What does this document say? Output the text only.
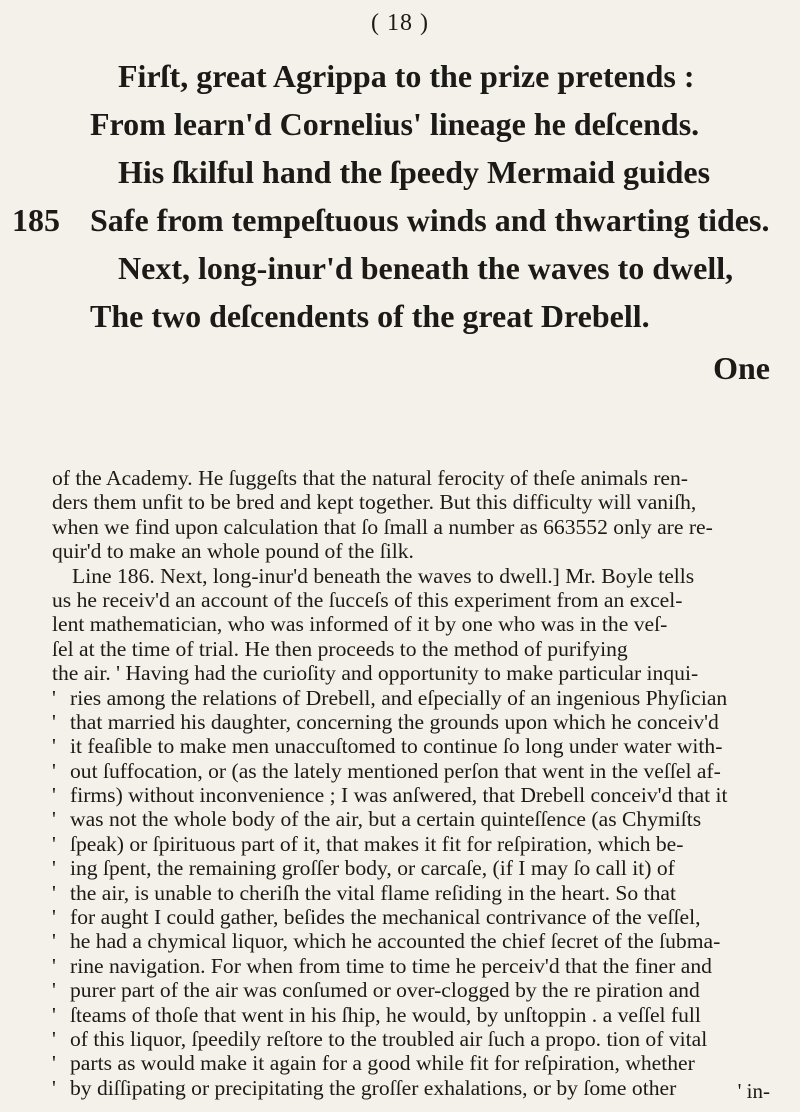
( 18 )
Firſt, great Agrippa to the prize pretends :
From learn'd Cornelius' lineage he deſcends.
His ſkilful hand the ſpeedy Mermaid guides
185 Safe from tempeſtuous winds and thwarting tides.
Next, long-inur'd beneath the waves to dwell,
The two deſcendents of the great Drebell.
One
of the Academy. He ſuggeſts that the natural ferocity of theſe animals ren-
ders them unfit to be bred and kept together. But this difficulty will vaniſh,
when we find upon calculation that ſo ſmall a number as 663552 only are re-
quir'd to make an whole pound of the ſilk.
Line 186. Next, long-inur'd beneath the waves to dwell.] Mr. Boyle tells
us he receiv'd an account of the ſucceſs of this experiment from an excel-
lent mathematician, who was informed of it by one who was in the veſ-
ſel at the time of trial. He then proceeds to the method of purifying
the air. ' Having had the curioſity and opportunity to make particular inqui-
' ries among the relations of Drebell, and eſpecially of an ingenious Phyſician
' that married his daughter, concerning the grounds upon which he conceiv'd
' it feaſible to make men unaccuſtomed to continue ſo long under water with-
' out ſuffocation, or (as the lately mentioned perſon that went in the veſſel af-
' firms) without inconvenience ; I was anſwered, that Drebell conceiv'd that it
' was not the whole body of the air, but a certain quinteſſence (as Chymiſts
' ſpeak) or ſpirituous part of it, that makes it fit for reſpiration, which be-
' ing ſpent, the remaining groſſer body, or carcaſe, (if I may ſo call it) of
' the air, is unable to cheriſh the vital flame reſiding in the heart. So that
' for aught I could gather, beſides the mechanical contrivance of the veſſel,
' he had a chymical liquor, which he accounted the chief ſecret of the ſubma-
' rine navigation. For when from time to time he perceiv'd that the finer and
' purer part of the air was conſumed or over-clogged by the re piration and
' ſteams of thoſe that went in his ſhip, he would, by unſtoppin . a veſſel full
' of this liquor, ſpeedily reſtore to the troubled air ſuch a propo. tion of vital
' parts as would make it again for a good while fit for reſpiration, whether
' by diſſipating or precipitating the groſſer exhalations, or by ſome other	' in-
